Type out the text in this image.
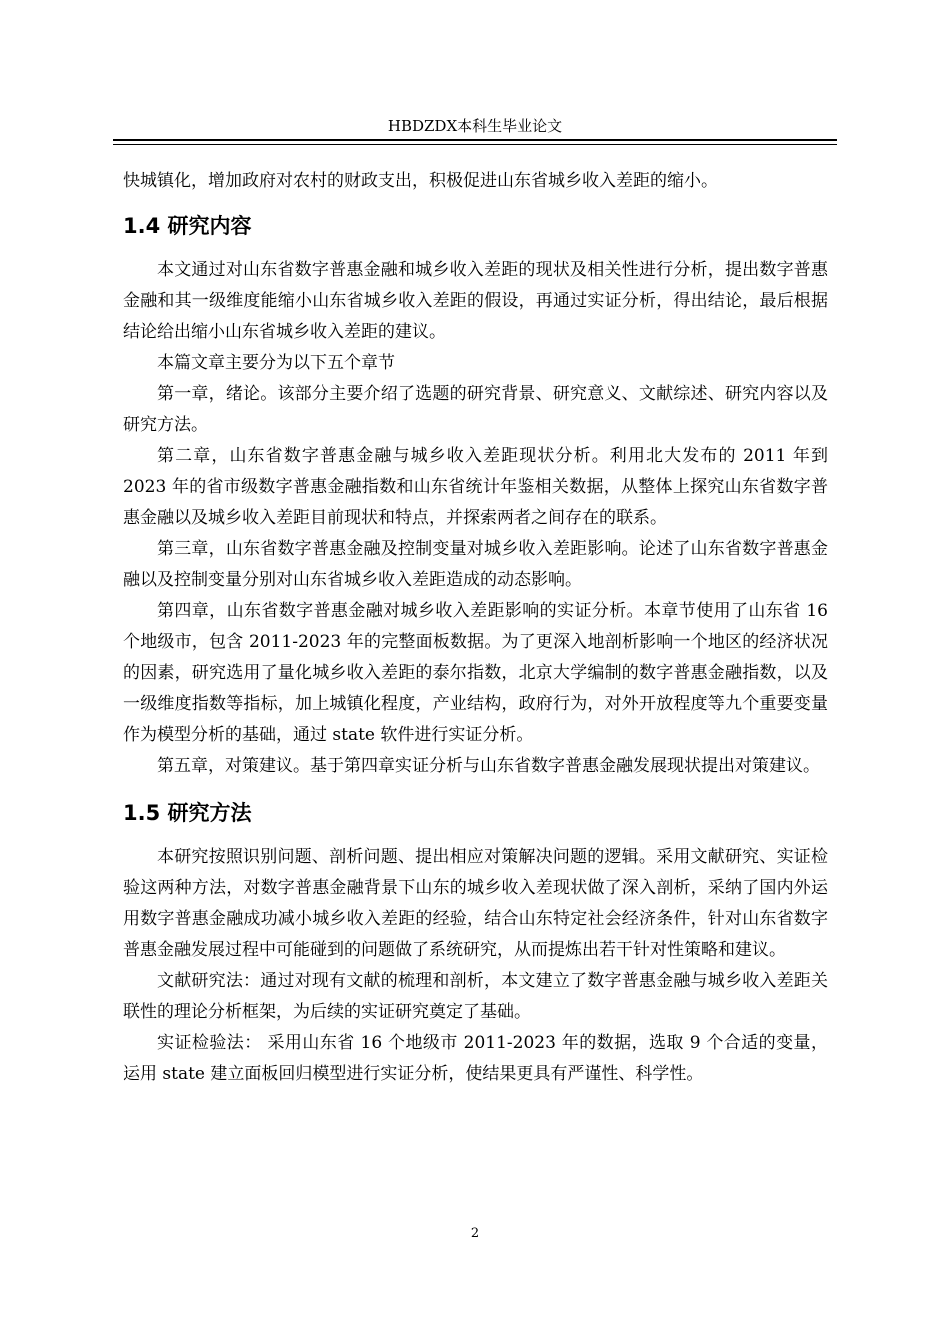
HBDZDX本科生毕业论文

快城镇化，增加政府对农村的财政支出，积极促进山东省城乡收入差距的缩小。

1.4 研究内容

本文通过对山东省数字普惠金融和城乡收入差距的现状及相关性进行分析，提出数字普惠金融和其一级维度能缩小山东省城乡收入差距的假设，再通过实证分析，得出结论，最后根据结论给出缩小山东省城乡收入差距的建议。

本篇文章主要分为以下五个章节

第一章，绪论。该部分主要介绍了选题的研究背景、研究意义、文献综述、研究内容以及研究方法。

第二章，山东省数字普惠金融与城乡收入差距现状分析。利用北大发布的 2011 年到 2023 年的省市级数字普惠金融指数和山东省统计年鉴相关数据，从整体上探究山东省数字普惠金融以及城乡收入差距目前现状和特点，并探索两者之间存在的联系。

第三章，山东省数字普惠金融及控制变量对城乡收入差距影响。论述了山东省数字普惠金融以及控制变量分别对山东省城乡收入差距造成的动态影响。

第四章，山东省数字普惠金融对城乡收入差距影响的实证分析。本章节使用了山东省 16 个地级市，包含 2011-2023 年的完整面板数据。为了更深入地剖析影响一个地区的经济状况的因素，研究选用了量化城乡收入差距的泰尔指数，北京大学编制的数字普惠金融指数，以及一级维度指数等指标，加上城镇化程度，产业结构，政府行为，对外开放程度等九个重要变量作为模型分析的基础，通过 state 软件进行实证分析。

第五章，对策建议。基于第四章实证分析与山东省数字普惠金融发展现状提出对策建议。

1.5 研究方法

本研究按照识别问题、剖析问题、提出相应对策解决问题的逻辑。采用文献研究、实证检验这两种方法，对数字普惠金融背景下山东的城乡收入差现状做了深入剖析，采纳了国内外运用数字普惠金融成功减小城乡收入差距的经验，结合山东特定社会经济条件，针对山东省数字普惠金融发展过程中可能碰到的问题做了系统研究，从而提炼出若干针对性策略和建议。

文献研究法：通过对现有文献的梳理和剖析，本文建立了数字普惠金融与城乡收入差距关联性的理论分析框架，为后续的实证研究奠定了基础。

实证检验法： 采用山东省 16 个地级市 2011-2023 年的数据，选取 9 个合适的变量，运用 state 建立面板回归模型进行实证分析，使结果更具有严谨性、科学性。

2
